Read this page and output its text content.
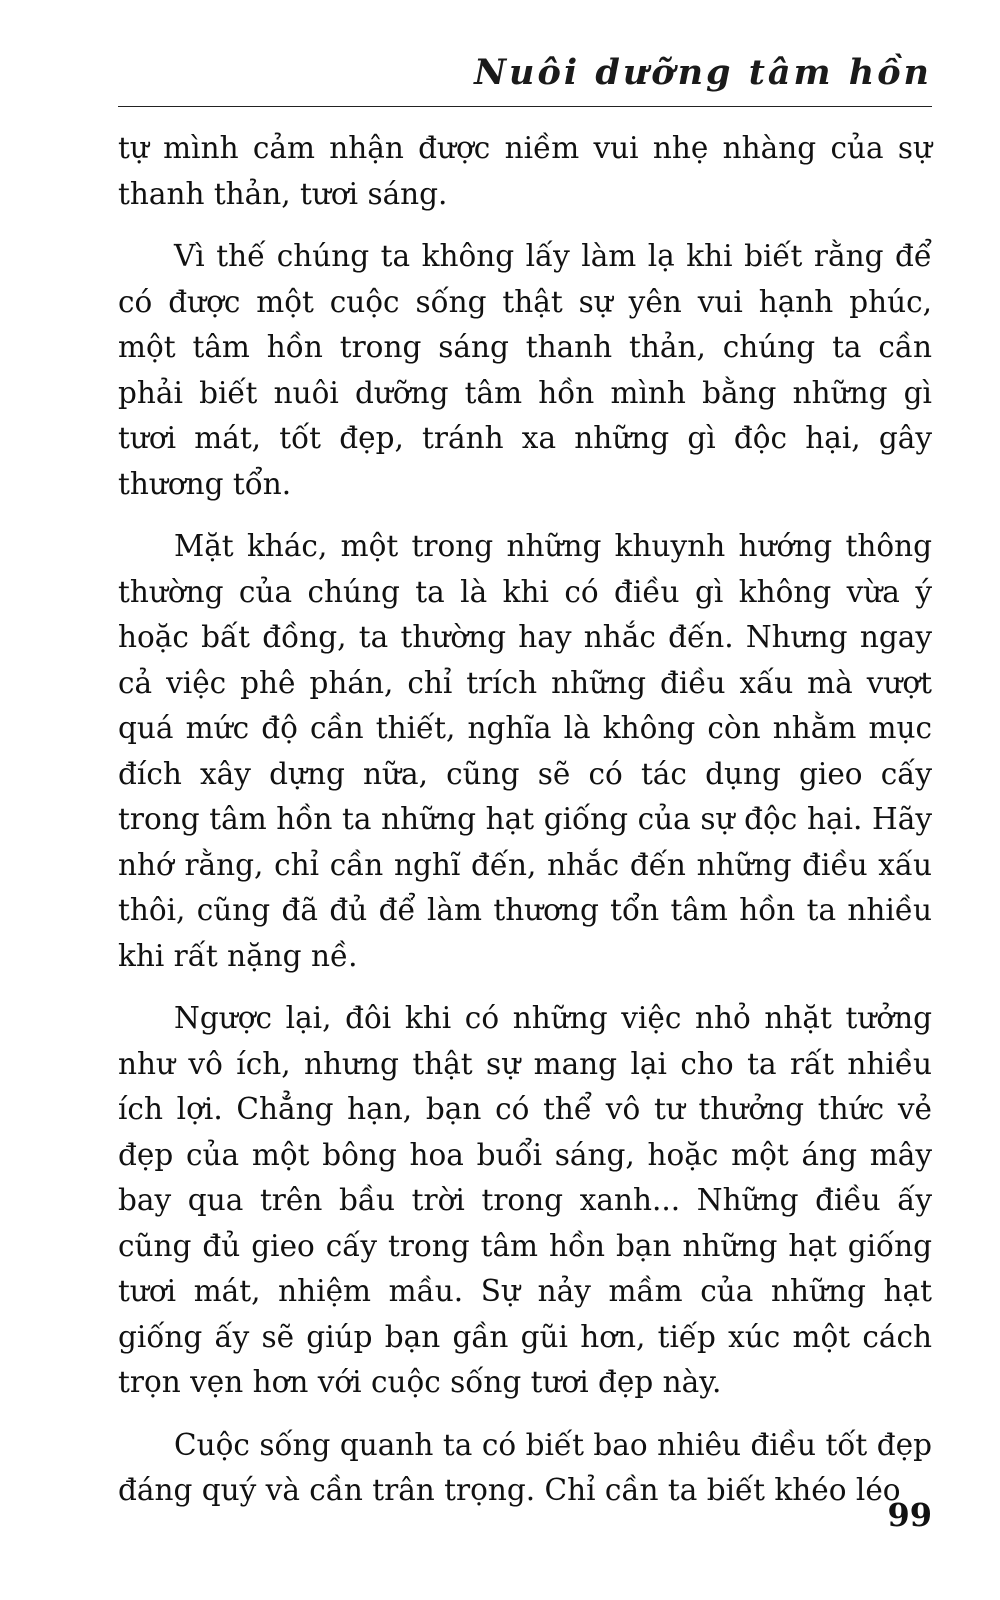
Nuôi dưỡng tâm hồn

tự mình cảm nhận được niềm vui nhẹ nhàng của sự thanh thản, tươi sáng.

Vì thế chúng ta không lấy làm lạ khi biết rằng để có được một cuộc sống thật sự yên vui hạnh phúc, một tâm hồn trong sáng thanh thản, chúng ta cần phải biết nuôi dưỡng tâm hồn mình bằng những gì tươi mát, tốt đẹp, tránh xa những gì độc hại, gây thương tổn.

Mặt khác, một trong những khuynh hướng thông thường của chúng ta là khi có điều gì không vừa ý hoặc bất đồng, ta thường hay nhắc đến. Nhưng ngay cả việc phê phán, chỉ trích những điều xấu mà vượt quá mức độ cần thiết, nghĩa là không còn nhằm mục đích xây dựng nữa, cũng sẽ có tác dụng gieo cấy trong tâm hồn ta những hạt giống của sự độc hại. Hãy nhớ rằng, chỉ cần nghĩ đến, nhắc đến những điều xấu thôi, cũng đã đủ để làm thương tổn tâm hồn ta nhiều khi rất nặng nề.

Ngược lại, đôi khi có những việc nhỏ nhặt tưởng như vô ích, nhưng thật sự mang lại cho ta rất nhiều ích lợi. Chẳng hạn, bạn có thể vô tư thưởng thức vẻ đẹp của một bông hoa buổi sáng, hoặc một áng mây bay qua trên bầu trời trong xanh... Những điều ấy cũng đủ gieo cấy trong tâm hồn bạn những hạt giống tươi mát, nhiệm mầu. Sự nảy mầm của những hạt giống ấy sẽ giúp bạn gần gũi hơn, tiếp xúc một cách trọn vẹn hơn với cuộc sống tươi đẹp này.

Cuộc sống quanh ta có biết bao nhiêu điều tốt đẹp đáng quý và cần trân trọng. Chỉ cần ta biết khéo léo

99
